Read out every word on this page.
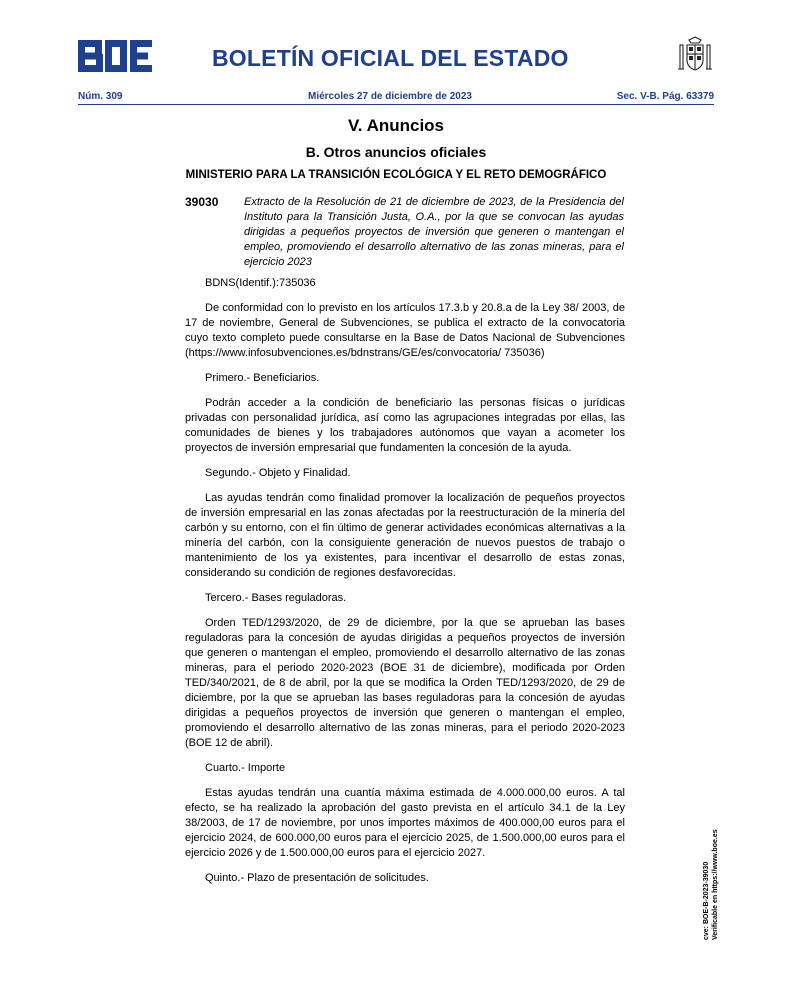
BOLETÍN OFICIAL DEL ESTADO
Núm. 309	Miércoles 27 de diciembre de 2023	Sec. V-B. Pág. 63379
V. Anuncios
B. Otros anuncios oficiales
MINISTERIO PARA LA TRANSICIÓN ECOLÓGICA Y EL RETO DEMOGRÁFICO
39030 Extracto de la Resolución de 21 de diciembre de 2023, de la Presidencia del Instituto para la Transición Justa, O.A., por la que se convocan las ayudas dirigidas a pequeños proyectos de inversión que generen o mantengan el empleo, promoviendo el desarrollo alternativo de las zonas mineras, para el ejercicio 2023

BDNS(Identif.):735036

De conformidad con lo previsto en los artículos 17.3.b y 20.8.a de la Ley 38/ 2003, de 17 de noviembre, General de Subvenciones, se publica el extracto de la convocatoria cuyo texto completo puede consultarse en la Base de Datos Nacional de Subvenciones (https://www.infosubvenciones.es/bdnstrans/GE/es/convocatoria/ 735036)

Primero.- Beneficiarios.

Podrán acceder a la condición de beneficiario las personas físicas o jurídicas privadas con personalidad jurídica, así como las agrupaciones integradas por ellas, las comunidades de bienes y los trabajadores autónomos que vayan a acometer los proyectos de inversión empresarial que fundamenten la concesión de la ayuda.

Segundo.- Objeto y Finalidad.

Las ayudas tendrán como finalidad promover la localización de pequeños proyectos de inversión empresarial en las zonas afectadas por la reestructuración de la minería del carbón y su entorno, con el fin último de generar actividades económicas alternativas a la minería del carbón, con la consiguiente generación de nuevos puestos de trabajo o mantenimiento de los ya existentes, para incentivar el desarrollo de estas zonas, considerando su condición de regiones desfavorecidas.

Tercero.- Bases reguladoras.

Orden TED/1293/2020, de 29 de diciembre, por la que se aprueban las bases reguladoras para la concesión de ayudas dirigidas a pequeños proyectos de inversión que generen o mantengan el empleo, promoviendo el desarrollo alternativo de las zonas mineras, para el periodo 2020-2023 (BOE 31 de diciembre), modificada por Orden TED/340/2021, de 8 de abril, por la que se modifica la Orden TED/1293/2020, de 29 de diciembre, por la que se aprueban las bases reguladoras para la concesión de ayudas dirigidas a pequeños proyectos de inversión que generen o mantengan el empleo, promoviendo el desarrollo alternativo de las zonas mineras, para el periodo 2020-2023 (BOE 12 de abril).

Cuarto.- Importe

Estas ayudas tendrán una cuantía máxima estimada de 4.000.000,00 euros. A tal efecto, se ha realizado la aprobación del gasto prevista en el artículo 34.1 de la Ley 38/2003, de 17 de noviembre, por unos importes máximos de 400.000,00 euros para el ejercicio 2024, de 600.000,00 euros para el ejercicio 2025, de 1.500.000,00 euros para el ejercicio 2026 y de 1.500.000,00 euros para el ejercicio 2027.

Quinto.- Plazo de presentación de solicitudes.	cve: BOE-B-2023-39030 Verificable en https://www.boe.es
